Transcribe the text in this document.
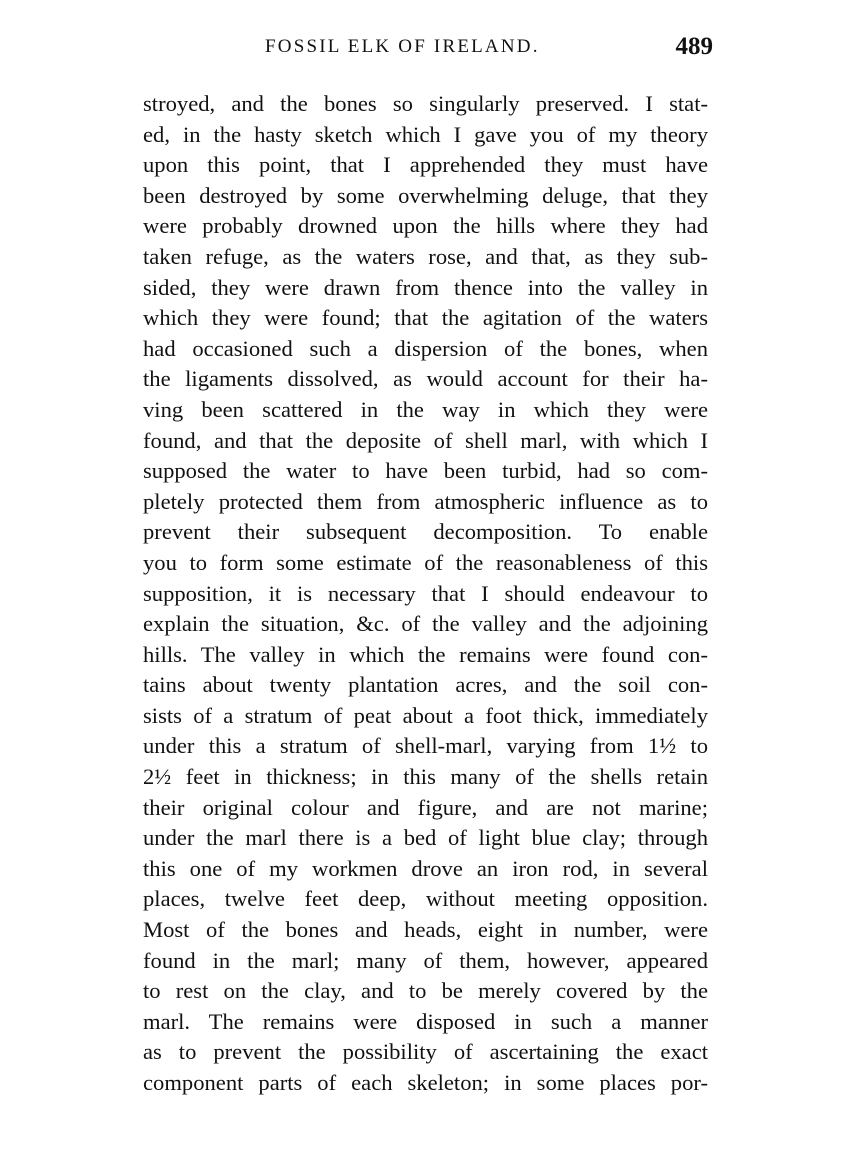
FOSSIL ELK OF IRELAND.	489
stroyed, and the bones so singularly preserved. I stat-
ed, in the hasty sketch which I gave you of my theory
upon this point, that I apprehended they must have
been destroyed by some overwhelming deluge, that they
were probably drowned upon the hills where they had
taken refuge, as the waters rose, and that, as they sub-
sided, they were drawn from thence into the valley in
which they were found; that the agitation of the waters
had occasioned such a dispersion of the bones, when
the ligaments dissolved, as would account for their ha-
ving been scattered in the way in which they were
found, and that the deposite of shell marl, with which I
supposed the water to have been turbid, had so com-
pletely protected them from atmospheric influence as to
prevent their subsequent decomposition. To enable
you to form some estimate of the reasonableness of this
supposition, it is necessary that I should endeavour to
explain the situation, &c. of the valley and the adjoining
hills. The valley in which the remains were found con-
tains about twenty plantation acres, and the soil con-
sists of a stratum of peat about a foot thick, immediately
under this a stratum of shell-marl, varying from 1½ to
2½ feet in thickness; in this many of the shells retain
their original colour and figure, and are not marine;
under the marl there is a bed of light blue clay; through
this one of my workmen drove an iron rod, in several
places, twelve feet deep, without meeting opposition.
Most of the bones and heads, eight in number, were
found in the marl; many of them, however, appeared
to rest on the clay, and to be merely covered by the
marl. The remains were disposed in such a manner
as to prevent the possibility of ascertaining the exact
component parts of each skeleton; in some places por-
